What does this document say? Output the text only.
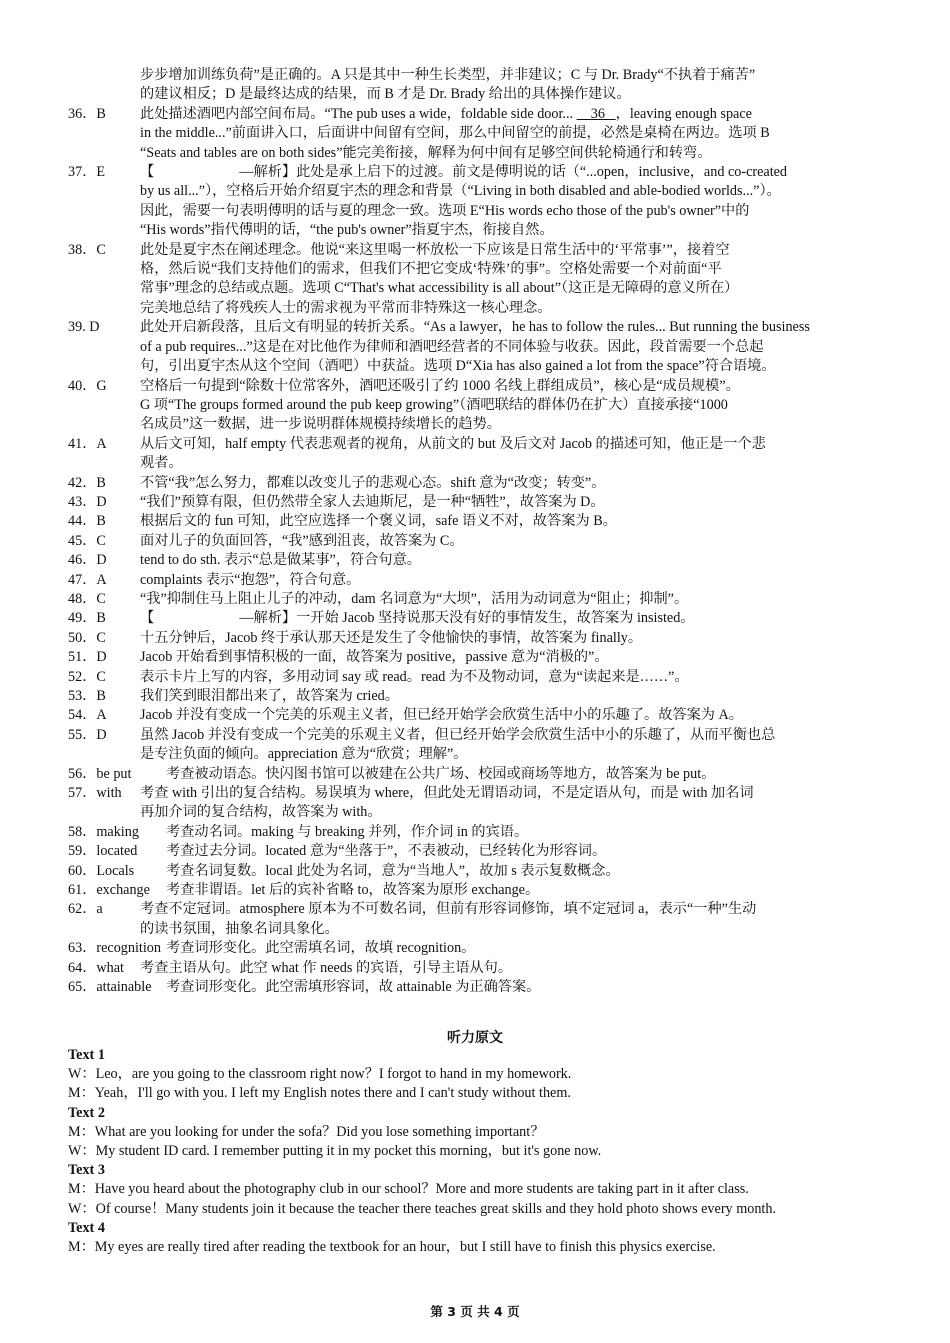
步步增加训练负荷”是正确的。A 只是其中一种生长类型，并非建议；C 与 Dr. Brady“不执着于痛苦”
的建议相反；D 是最终达成的结果，而 B 才是 Dr. Brady 给出的具体操作建议。
36．B	此处描述酒吧内部空间布局。“The pub uses a wide，foldable side door... 36 ，leaving enough space
in the middle...”前面讲入口，后面讲中间留有空间，那么中间留空的前提，必然是桌椅在两边。选项 B
“Seats and tables are on both sides”能完美衔接，解释为何中间有足够空间供轮椅通行和转弯。
37．E	【　　　　　　—解析】此处是承上启下的过渡。前文是傅明说的话（“...open，inclusive，and co-created
by us all...”），空格后开始介绍夏宇杰的理念和背景（“Living in both disabled and able-bodied worlds...”）。
因此，需要一句表明傅明的话与夏的理念一致。选项 E“His words echo those of the pub's owner”中的
“His words”指代傅明的话，“the pub's owner”指夏宇杰，衔接自然。
38．C	此处是夏宇杰在阐述理念。他说“来这里喝一杯放松一下应该是日常生活中的‘平常事’”，接着空
格，然后说“我们支持他们的需求，但我们不把它变成‘特殊’的事”。空格处需要一个对前面“平
常事”理念的总结或点题。选项 C“That's what accessibility is all about”（这正是无障碍的意义所在）
完美地总结了将残疾人士的需求视为平常而非特殊这一核心理念。
39. D	此处开启新段落，且后文有明显的转折关系。“As a lawyer，he has to follow the rules... But running the business
of a pub requires...”这是在对比他作为律师和酒吧经营者的不同体验与收获。因此，段首需要一个总起
句，引出夏宇杰从这个空间（酒吧）中获益。选项 D“Xia has also gained a lot from the space”符合语境。
40．G	空格后一句提到“除数十位常客外，酒吧还吸引了约 1000 名线上群组成员”，核心是“成员规模”。
G 项“The groups formed around the pub keep growing”（酒吧联结的群体仍在扩大）直接承接“1000
名成员”这一数据，进一步说明群体规模持续增长的趋势。
41．A	从后文可知，half empty 代表悲观者的视角，从前文的 but 及后文对 Jacob 的描述可知，他正是一个悲
观者。
42．B	不管“我”怎么努力，都难以改变儿子的悲观心态。shift 意为“改变；转变”。
43．D	“我们”预算有限，但仍然带全家人去迪斯尼，是一种“牺牲”，故答案为 D。
44．B	根据后文的 fun 可知，此空应选择一个褒义词，safe 语义不对，故答案为 B。
45．C	面对儿子的负面回答，“我”感到沮丧，故答案为 C。
46．D	tend to do sth. 表示“总是做某事”，符合句意。
47．A	complaints 表示“抱怨”，符合句意。
48．C	“我”抑制住马上阻止儿子的冲动，dam 名词意为“大坝”，活用为动词意为“阻止；抑制”。
49．B	【　　　　　　—解析】一开始 Jacob 坚持说那天没有好的事情发生，故答案为 insisted。
50．C	十五分钟后，Jacob 终于承认那天还是发生了令他愉快的事情，故答案为 finally。
51．D	Jacob 开始看到事情积极的一面，故答案为 positive，passive 意为“消极的”。
52．C	表示卡片上写的内容，多用动词 say 或 read。read 为不及物动词，意为“读起来是……”。
53．B	我们笑到眼泪都出来了，故答案为 cried。
54．A	Jacob 并没有变成一个完美的乐观主义者，但已经开始学会欣赏生活中小的乐趣了。故答案为 A。
55．D	虽然 Jacob 并没有变成一个完美的乐观主义者，但已经开始学会欣赏生活中小的乐趣了，从而平衡也总
是专注负面的倾向。appreciation 意为“欣赏；理解”。
56．be put	考查被动语态。快闪图书馆可以被建在公共广场、校园或商场等地方，故答案为 be put。
57．with	考查 with 引出的复合结构。易误填为 where，但此处无谓语动词，不是定语从句，而是 with 加名词
再加介词的复合结构，故答案为 with。
58．making	考查动名词。making 与 breaking 并列，作介词 in 的宾语。
59．located	考查过去分词。located 意为“坐落于”，不表被动，已经转化为形容词。
60．Locals	考查名词复数。local 此处为名词，意为“当地人”，故加 s 表示复数概念。
61．exchange	考查非谓语。let 后的宾补省略 to，故答案为原形 exchange。
62．a	考查不定冠词。atmosphere 原本为不可数名词，但前有形容词修饰，填不定冠词 a，表示“一种”生动
的读书氛围，抽象名词具象化。
63．recognition 考查词形变化。此空需填名词，故填 recognition。
64．what	考查主语从句。此空 what 作 needs 的宾语，引导主语从句。
65．attainable	考查词形变化。此空需填形容词，故 attainable 为正确答案。
听力原文
Text 1
W：Leo，are you going to the classroom right now？I forgot to hand in my homework.
M：Yeah，I'll go with you. I left my English notes there and I can't study without them.
Text 2
M：What are you looking for under the sofa？Did you lose something important？
W：My student ID card. I remember putting it in my pocket this morning，but it's gone now.
Text 3
M：Have you heard about the photography club in our school？More and more students are taking part in it after class.
W：Of course！Many students join it because the teacher there teaches great skills and they hold photo shows every month.
Text 4
M：My eyes are really tired after reading the textbook for an hour，but I still have to finish this physics exercise.
第 3 页 共 4 页
